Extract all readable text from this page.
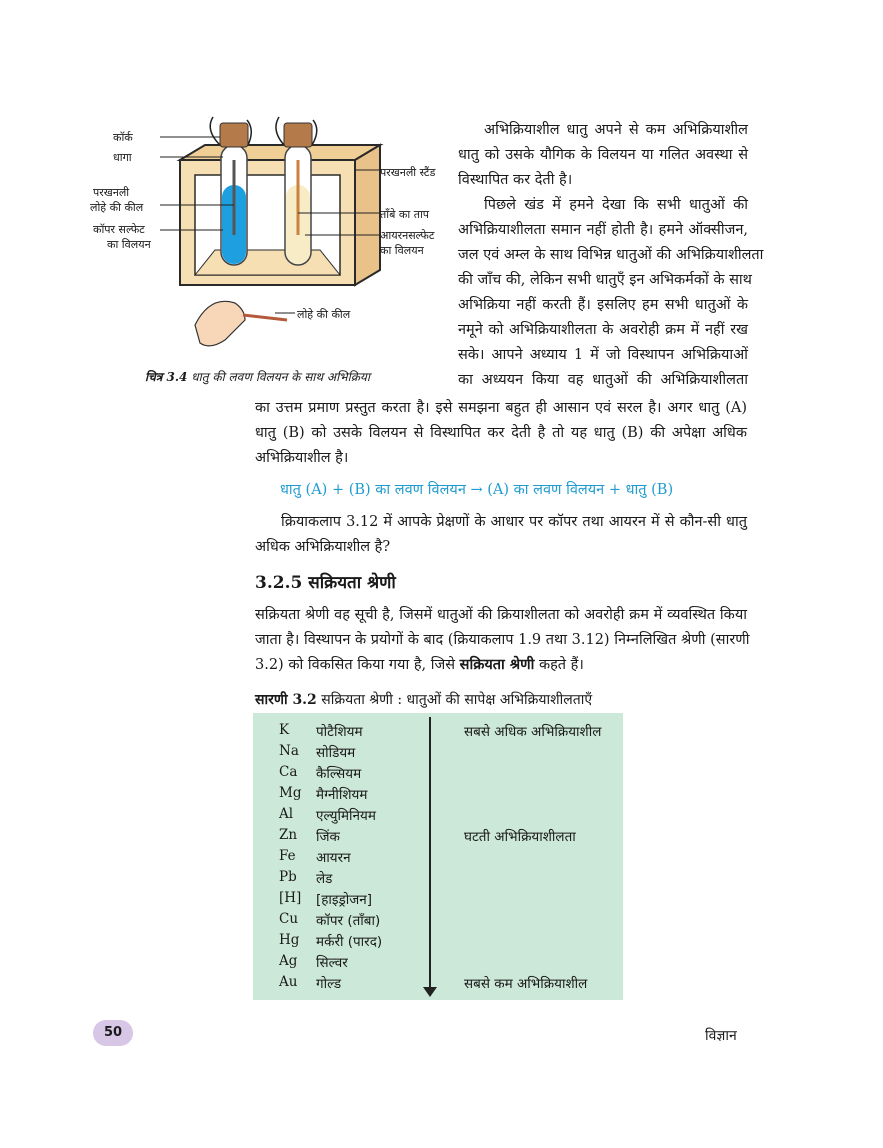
कॉर्क
धागा
परखनली
लोहे की कील
कॉपर सल्फेट
का विलयन
परखनली स्टैंड
ताँबे का ताप
आयरनसल्फेट
का विलयन
लोहे की कील
चित्र 3.4 धातु की लवण विलयन के साथ अभिक्रिया
अभिक्रियाशील धातु अपने से कम अभिक्रियाशील
धातु को उसके यौगिक के विलयन या गलित अवस्था से
विस्थापित कर देती है।
पिछले खंड में हमने देखा कि सभी धातुओं की
अभिक्रियाशीलता समान नहीं होती है। हमने ऑक्सीजन,
जल एवं अम्ल के साथ विभिन्न धातुओं की अभिक्रियाशीलता
की जाँच की, लेकिन सभी धातुएँ इन अभिकर्मकों के साथ
अभिक्रिया नहीं करती हैं। इसलिए हम सभी धातुओं के
नमूने को अभिक्रियाशीलता के अवरोही क्रम में नहीं रख
सके। आपने अध्याय 1 में जो विस्थापन अभिक्रियाओं
का अध्ययन किया वह धातुओं की अभिक्रियाशीलता
का उत्तम प्रमाण प्रस्तुत करता है। इसे समझना बहुत ही आसान एवं सरल है। अगर धातु (A)
धातु (B) को उसके विलयन से विस्थापित कर देती है तो यह धातु (B) की अपेक्षा अधिक
अभिक्रियाशील है।
धातु (A) + (B) का लवण विलयन → (A) का लवण विलयन + धातु (B)
क्रियाकलाप 3.12 में आपके प्रेक्षणों के आधार पर कॉपर तथा आयरन में से कौन-सी धातु
अधिक अभिक्रियाशील है?
3.2.5 सक्रियता श्रेणी
सक्रियता श्रेणी वह सूची है, जिसमें धातुओं की क्रियाशीलता को अवरोही क्रम में व्यवस्थित किया
जाता है। विस्थापन के प्रयोगों के बाद (क्रियाकलाप 1.9 तथा 3.12) निम्नलिखित श्रेणी (सारणी
3.2) को विकसित किया गया है, जिसे सक्रियता श्रेणी कहते हैं।
सारणी 3.2 सक्रियता श्रेणी : धातुओं की सापेक्ष अभिक्रियाशीलताएँ
K पोटैशियम
Na सोडियम
Ca कैल्सियम
Mg मैग्नीशियम
Al एल्युमिनियम
Zn जिंक
Fe आयरन
Pb लेड
[H] [हाइड्रोजन]
Cu कॉपर (ताँबा)
Hg मर्करी (पारद)
Ag सिल्वर
Au गोल्ड
सबसे अधिक अभिक्रियाशील
घटती अभिक्रियाशीलता
सबसे कम अभिक्रियाशील
50	विज्ञान
